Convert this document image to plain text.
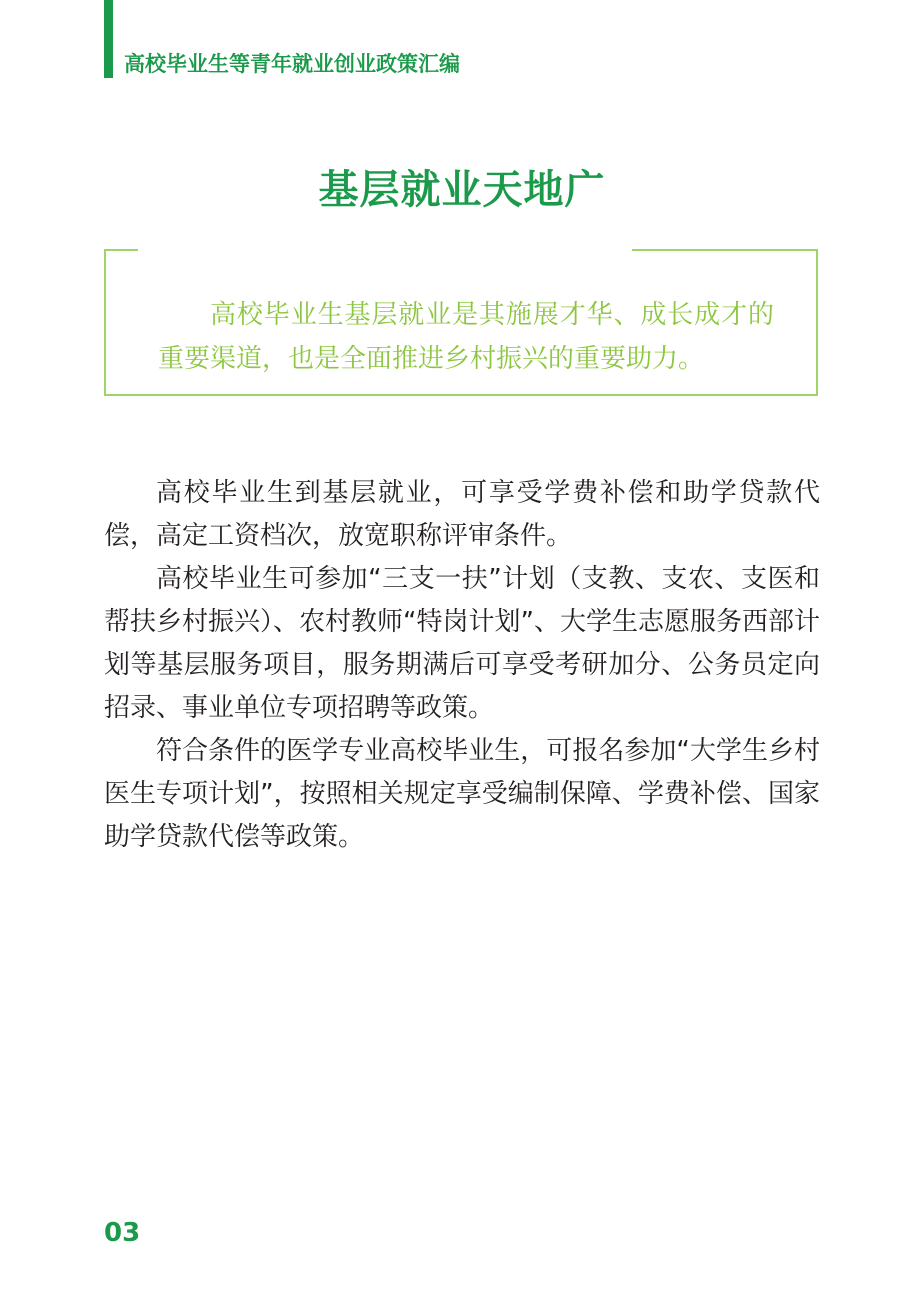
高校毕业生等青年就业创业政策汇编
基层就业天地广
高校毕业生基层就业是其施展才华、成长成才的重要渠道，也是全面推进乡村振兴的重要助力。

高校毕业生到基层就业，可享受学费补偿和助学贷款代偿，高定工资档次，放宽职称评审条件。

高校毕业生可参加“三支一扶”计划（支教、支农、支医和帮扶乡村振兴）、农村教师“特岗计划”、大学生志愿服务西部计划等基层服务项目，服务期满后可享受考研加分、公务员定向招录、事业单位专项招聘等政策。

符合条件的医学专业高校毕业生，可报名参加“大学生乡村医生专项计划”，按照相关规定享受编制保障、学费补偿、国家助学贷款代偿等政策。

03
